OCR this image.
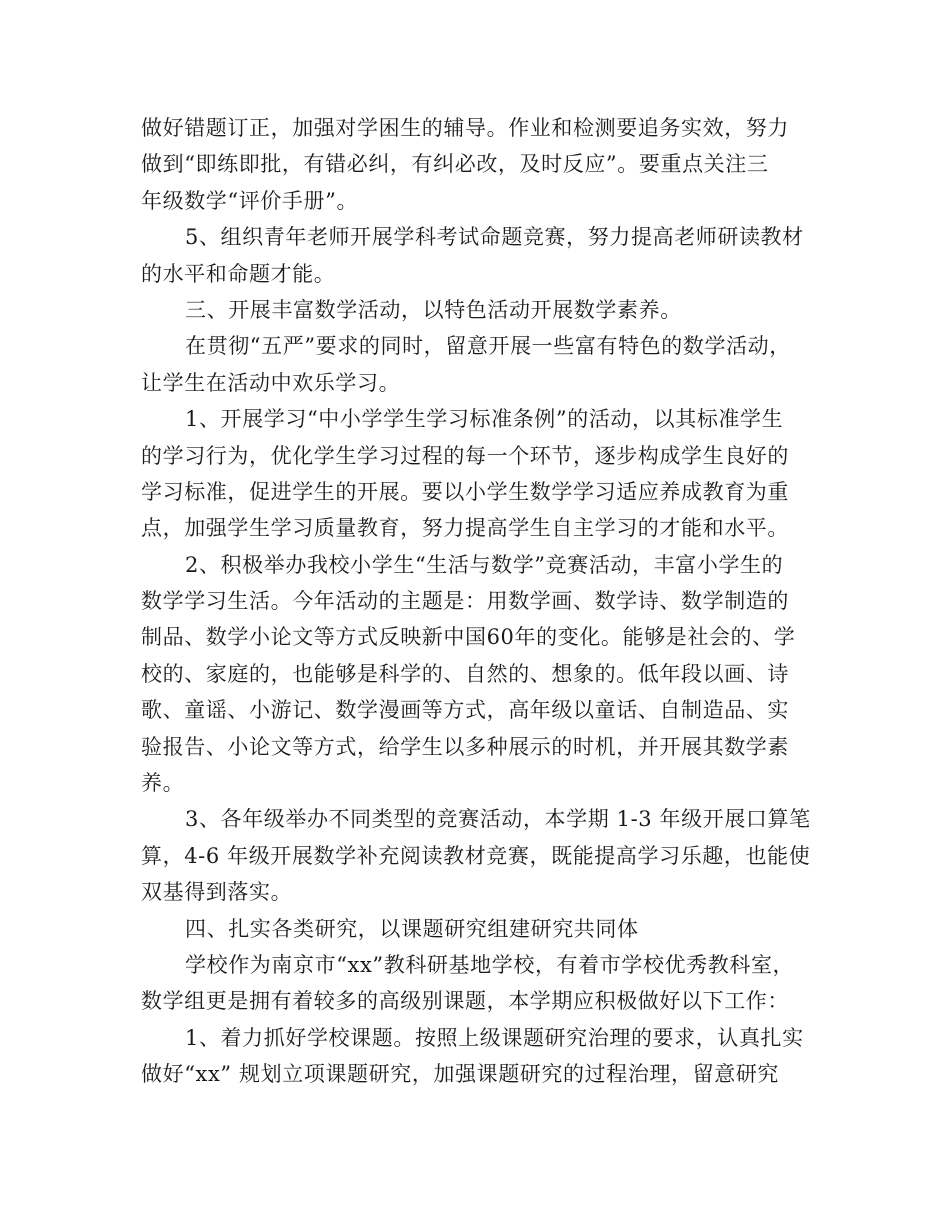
做好错题订正，加强对学困生的辅导。作业和检测要追务实效，努力
做到“即练即批，有错必纠，有纠必改，及时反应”。要重点关注三
年级数学“评价手册”。
5、组织青年老师开展学科考试命题竞赛，努力提高老师研读教材
的水平和命题才能。
三、开展丰富数学活动，以特色活动开展数学素养。
在贯彻“五严”要求的同时，留意开展一些富有特色的数学活动，
让学生在活动中欢乐学习。
1、开展学习“中小学学生学习标准条例”的活动，以其标准学生
的学习行为，优化学生学习过程的每一个环节，逐步构成学生良好的
学习标准，促进学生的开展。要以小学生数学学习适应养成教育为重
点，加强学生学习质量教育，努力提高学生自主学习的才能和水平。
2、积极举办我校小学生“生活与数学”竞赛活动，丰富小学生的
数学学习生活。今年活动的主题是：用数学画、数学诗、数学制造的
制品、数学小论文等方式反映新中国60年的变化。能够是社会的、学
校的、家庭的，也能够是科学的、自然的、想象的。低年段以画、诗
歌、童谣、小游记、数学漫画等方式，高年级以童话、自制造品、实
验报告、小论文等方式，给学生以多种展示的时机，并开展其数学素
养。
3、各年级举办不同类型的竞赛活动，本学期 1-3 年级开展口算笔
算，4-6 年级开展数学补充阅读教材竞赛，既能提高学习乐趣，也能使
双基得到落实。
四、扎实各类研究，以课题研究组建研究共同体
学校作为南京市“xx”教科研基地学校，有着市学校优秀教科室，
数学组更是拥有着较多的高级别课题，本学期应积极做好以下工作：
1、着力抓好学校课题。按照上级课题研究治理的要求，认真扎实
做好“xx” 规划立项课题研究，加强课题研究的过程治理，留意研究
